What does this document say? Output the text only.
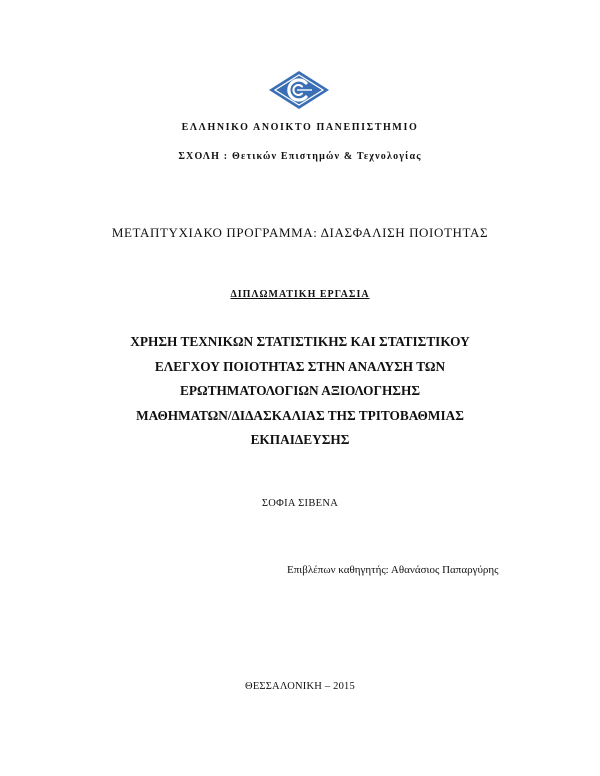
ΕΛΛΗΝΙΚΟ ΑΝΟΙΚΤΟ ΠΑΝΕΠΙΣΤΗΜΙΟ
ΣΧΟΛΗ : Θετικών Επιστημών & Τεχνολογίας
ΜΕΤΑΠΤΥΧΙΑΚΟ ΠΡΟΓΡΑΜΜΑ: ΔΙΑΣΦΑΛΙΣΗ ΠΟΙΟΤΗΤΑΣ
ΔΙΠΛΩΜΑΤΙΚΗ ΕΡΓΑΣΙΑ
ΧΡΗΣΗ ΤΕΧΝΙΚΩΝ ΣΤΑΤΙΣΤΙΚΗΣ ΚΑΙ ΣΤΑΤΙΣΤΙΚΟΥ
ΕΛΕΓΧΟΥ ΠΟΙΟΤΗΤΑΣ ΣΤΗΝ ΑΝΑΛΥΣΗ ΤΩΝ
ΕΡΩΤΗΜΑΤΟΛΟΓΙΩΝ ΑΞΙΟΛΟΓΗΣΗΣ
ΜΑΘΗΜΑΤΩΝ/ΔΙΔΑΣΚΑΛΙΑΣ ΤΗΣ ΤΡΙΤΟΒΑΘΜΙΑΣ
ΕΚΠΑΙΔΕΥΣΗΣ
ΣΟΦΙΑ ΣΙΒΕΝΑ
Επιβλέπων καθηγητής: Αθανάσιος Παπαργύρης
ΘΕΣΣΑΛΟΝΙΚΗ – 2015
